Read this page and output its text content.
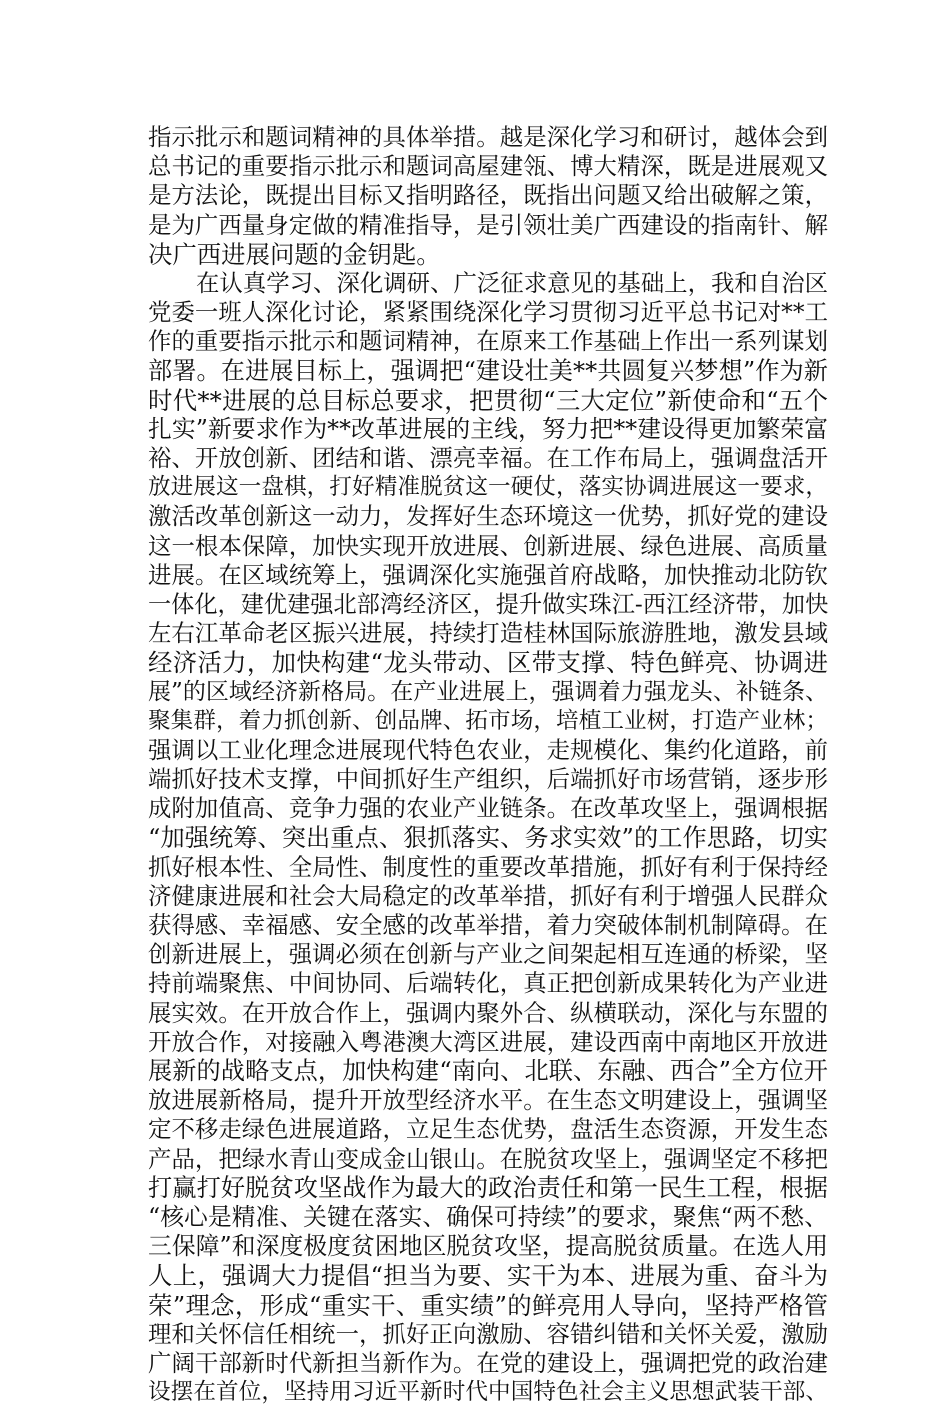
指示批示和题词精神的具体举措。越是深化学习和研讨，越体会到
总书记的重要指示批示和题词高屋建瓴、博大精深，既是进展观又
是方法论，既提出目标又指明路径，既指出问题又给出破解之策，
是为广西量身定做的精准指导，是引领壮美广西建设的指南针、解
决广西进展问题的金钥匙。
在认真学习、深化调研、广泛征求意见的基础上，我和自治区
党委一班人深化讨论，紧紧围绕深化学习贯彻习近平总书记对**工
作的重要指示批示和题词精神，在原来工作基础上作出一系列谋划
部署。在进展目标上，强调把“建设壮美**共圆复兴梦想”作为新
时代**进展的总目标总要求，把贯彻“三大定位”新使命和“五个
扎实”新要求作为**改革进展的主线，努力把**建设得更加繁荣富
裕、开放创新、团结和谐、漂亮幸福。在工作布局上，强调盘活开
放进展这一盘棋，打好精准脱贫这一硬仗，落实协调进展这一要求，
激活改革创新这一动力，发挥好生态环境这一优势，抓好党的建设
这一根本保障，加快实现开放进展、创新进展、绿色进展、高质量
进展。在区域统筹上，强调深化实施强首府战略，加快推动北防钦
一体化，建优建强北部湾经济区，提升做实珠江-西江经济带，加快
左右江革命老区振兴进展，持续打造桂林国际旅游胜地，激发县域
经济活力，加快构建“龙头带动、区带支撑、特色鲜亮、协调进
展”的区域经济新格局。在产业进展上，强调着力强龙头、补链条、
聚集群，着力抓创新、创品牌、拓市场，培植工业树，打造产业林；
强调以工业化理念进展现代特色农业，走规模化、集约化道路，前
端抓好技术支撑，中间抓好生产组织，后端抓好市场营销，逐步形
成附加值高、竞争力强的农业产业链条。在改革攻坚上，强调根据
“加强统筹、突出重点、狠抓落实、务求实效”的工作思路，切实
抓好根本性、全局性、制度性的重要改革措施，抓好有利于保持经
济健康进展和社会大局稳定的改革举措，抓好有利于增强人民群众
获得感、幸福感、安全感的改革举措，着力突破体制机制障碍。在
创新进展上，强调必须在创新与产业之间架起相互连通的桥梁，坚
持前端聚焦、中间协同、后端转化，真正把创新成果转化为产业进
展实效。在开放合作上，强调内聚外合、纵横联动，深化与东盟的
开放合作，对接融入粤港澳大湾区进展，建设西南中南地区开放进
展新的战略支点，加快构建“南向、北联、东融、西合”全方位开
放进展新格局，提升开放型经济水平。在生态文明建设上，强调坚
定不移走绿色进展道路，立足生态优势，盘活生态资源，开发生态
产品，把绿水青山变成金山银山。在脱贫攻坚上，强调坚定不移把
打赢打好脱贫攻坚战作为最大的政治责任和第一民生工程，根据
“核心是精准、关键在落实、确保可持续”的要求，聚焦“两不愁、
三保障”和深度极度贫困地区脱贫攻坚，提高脱贫质量。在选人用
人上，强调大力提倡“担当为要、实干为本、进展为重、奋斗为
荣”理念，形成“重实干、重实绩”的鲜亮用人导向，坚持严格管
理和关怀信任相统一，抓好正向激励、容错纠错和关怀关爱，激励
广阔干部新时代新担当新作为。在党的建设上，强调把党的政治建
设摆在首位，坚持用习近平新时代中国特色社会主义思想武装干部、
